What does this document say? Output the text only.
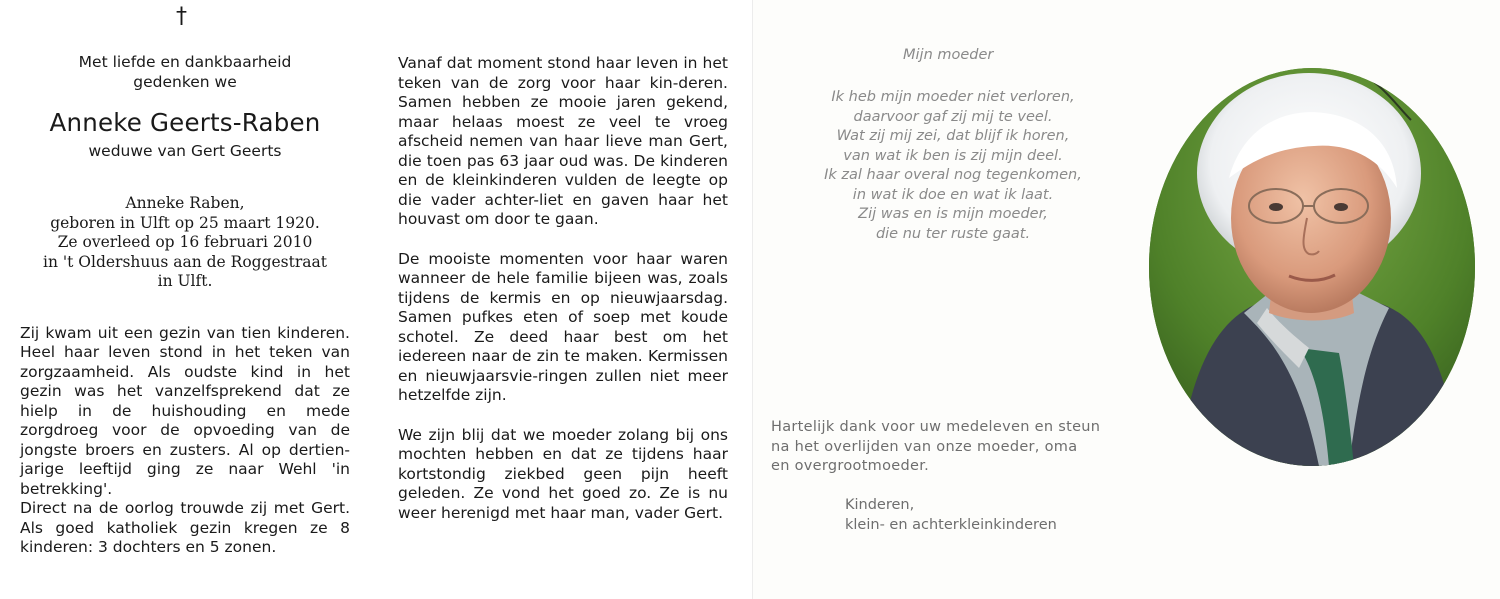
†
Met liefde en dankbaarheid
gedenken we
Anneke Geerts-Raben
weduwe van Gert Geerts
Anneke Raben,
geboren in Ulft op 25 maart 1920.
Ze overleed op 16 februari 2010
in 't Oldershuus aan de Roggestraat
in Ulft.

Zij kwam uit een gezin van tien kinderen. Heel haar leven stond in het teken van zorgzaamheid. Als oudste kind in het gezin was het vanzelfsprekend dat ze hielp in de huishouding en mede zorgdroeg voor de opvoeding van de jongste broers en zusters. Al op dertien-jarige leeftijd ging ze naar Wehl 'in betrekking'.

Direct na de oorlog trouwde zij met Gert. Als goed katholiek gezin kregen ze 8 kinderen: 3 dochters en 5 zonen.

Vanaf dat moment stond haar leven in het teken van de zorg voor haar kin-deren. Samen hebben ze mooie jaren gekend, maar helaas moest ze veel te vroeg afscheid nemen van haar lieve man Gert, die toen pas 63 jaar oud was. De kinderen en de kleinkinderen vulden de leegte op die vader achter-liet en gaven haar het houvast om door te gaan.

De mooiste momenten voor haar waren wanneer de hele familie bijeen was, zoals tijdens de kermis en op nieuwjaarsdag. Samen pufkes eten of soep met koude schotel. Ze deed haar best om het iedereen naar de zin te maken. Kermissen en nieuwjaarsvie-ringen zullen niet meer hetzelfde zijn.

We zijn blij dat we moeder zolang bij ons mochten hebben en dat ze tijdens haar kortstondig ziekbed geen pijn heeft geleden. Ze vond het goed zo. Ze is nu weer herenigd met haar man, vader Gert.

Mijn moeder
Ik heb mijn moeder niet verloren,
daarvoor gaf zij mij te veel.
Wat zij mij zei, dat blijf ik horen,
van wat ik ben is zij mijn deel.
Ik zal haar overal nog tegenkomen,
in wat ik doe en wat ik laat.
Zij was en is mijn moeder,
die nu ter ruste gaat.
Hartelijk dank voor uw medeleven en steun na het overlijden van onze moeder, oma en overgrootmoeder.
Kinderen,
klein- en achterkleinkinderen
